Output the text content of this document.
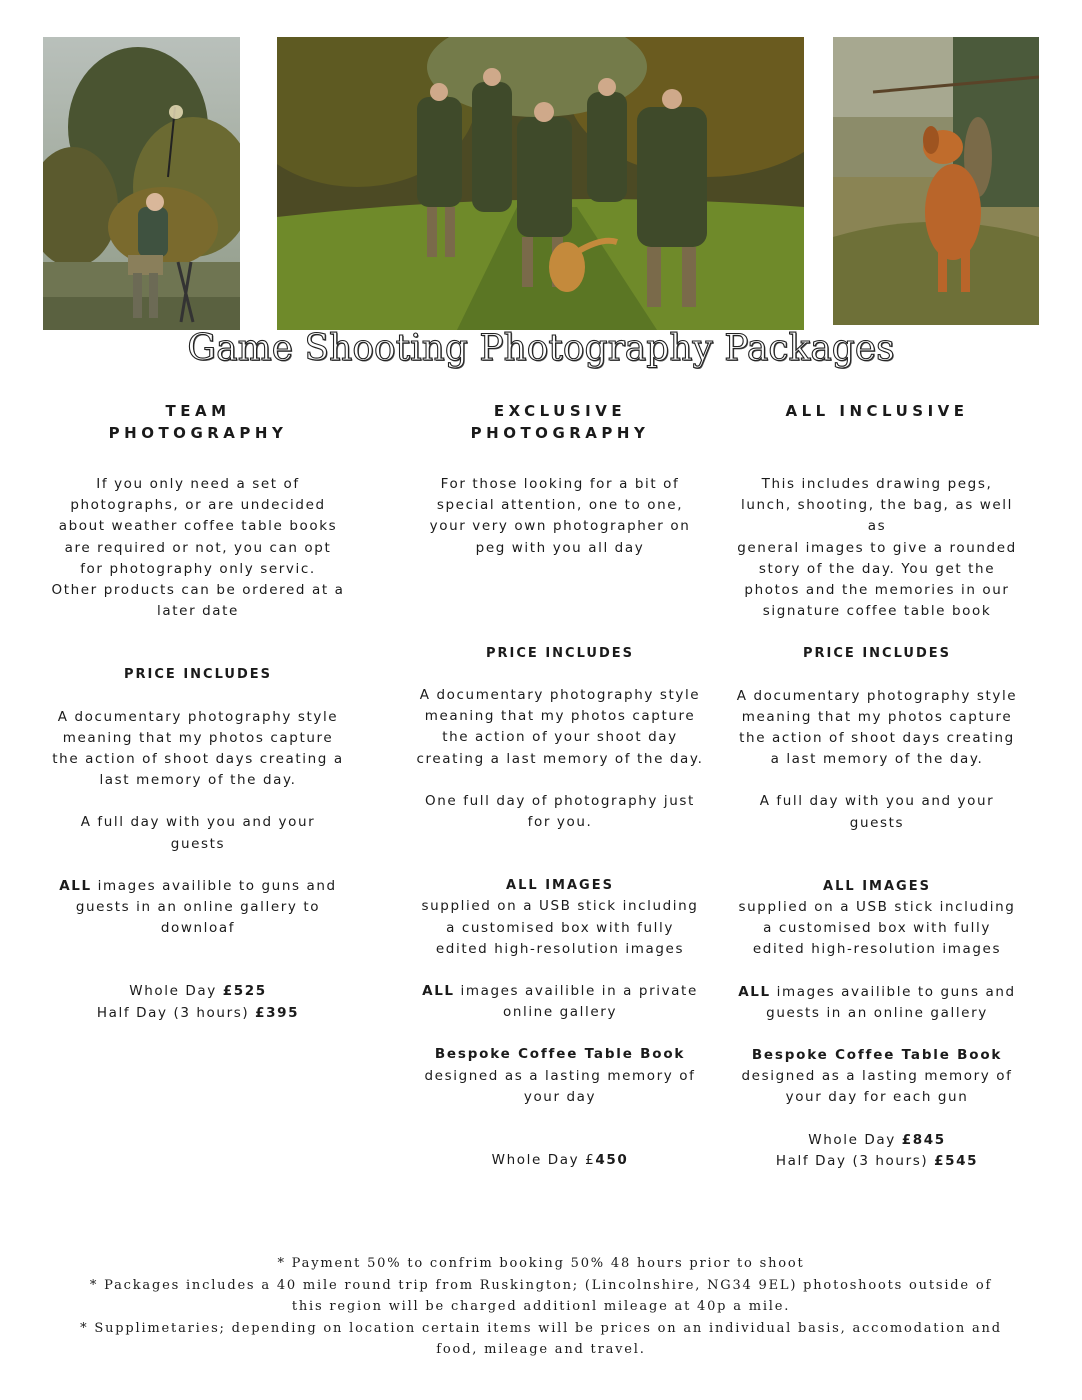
Game Shooting Photography Packages

TEAM
PHOTOGRAPHY

If you only need a set of
photographs, or are undecided
about weather coffee table books
are required or not, you can opt
for photography only servic.
Other products can be ordered at a
later date

PRICE INCLUDES

A documentary photography style
meaning that my photos capture
the action of shoot days creating a
last memory of the day.

A full day with you and your
guests

ALL images availible to guns and
guests in an online gallery to
downloaf

Whole Day £525
Half Day (3 hours) £395

EXCLUSIVE
PHOTOGRAPHY

For those looking for a bit of
special attention, one to one,
your very own photographer on
peg with you all day

PRICE INCLUDES

A documentary photography style
meaning that my photos capture
the action of your shoot day
creating a last memory of the day.

One full day of photography just
for you.

ALL IMAGES

supplied on a USB stick including
a customised box with fully
edited high-resolution images

ALL images availible in a private
online gallery

Bespoke Coffee Table Book

designed as a lasting memory of
your day

Whole Day £450

ALL INCLUSIVE

This includes drawing pegs,
lunch, shooting, the bag, as well
as
general images to give a rounded
story of the day. You get the
photos and the memories in our
signature coffee table book

PRICE INCLUDES

A documentary photography style
meaning that my photos capture
the action of shoot days creating
a last memory of the day.

A full day with you and your
guests

ALL IMAGES

supplied on a USB stick including
a customised box with fully
edited high-resolution images

ALL images availible to guns and
guests in an online gallery

Bespoke Coffee Table Book

designed as a lasting memory of
your day for each gun

Whole Day £845
Half Day (3 hours) £545

* Payment 50% to confrim booking 50% 48 hours prior to shoot

* Packages includes a 40 mile round trip from Ruskington; (Lincolnshire, NG34 9EL) photoshoots outside of

this region will be charged additionl mileage at 40p a mile.

* Supplimetaries; depending on location certain items will be prices on an individual basis, accomodation and

food, mileage and travel.
